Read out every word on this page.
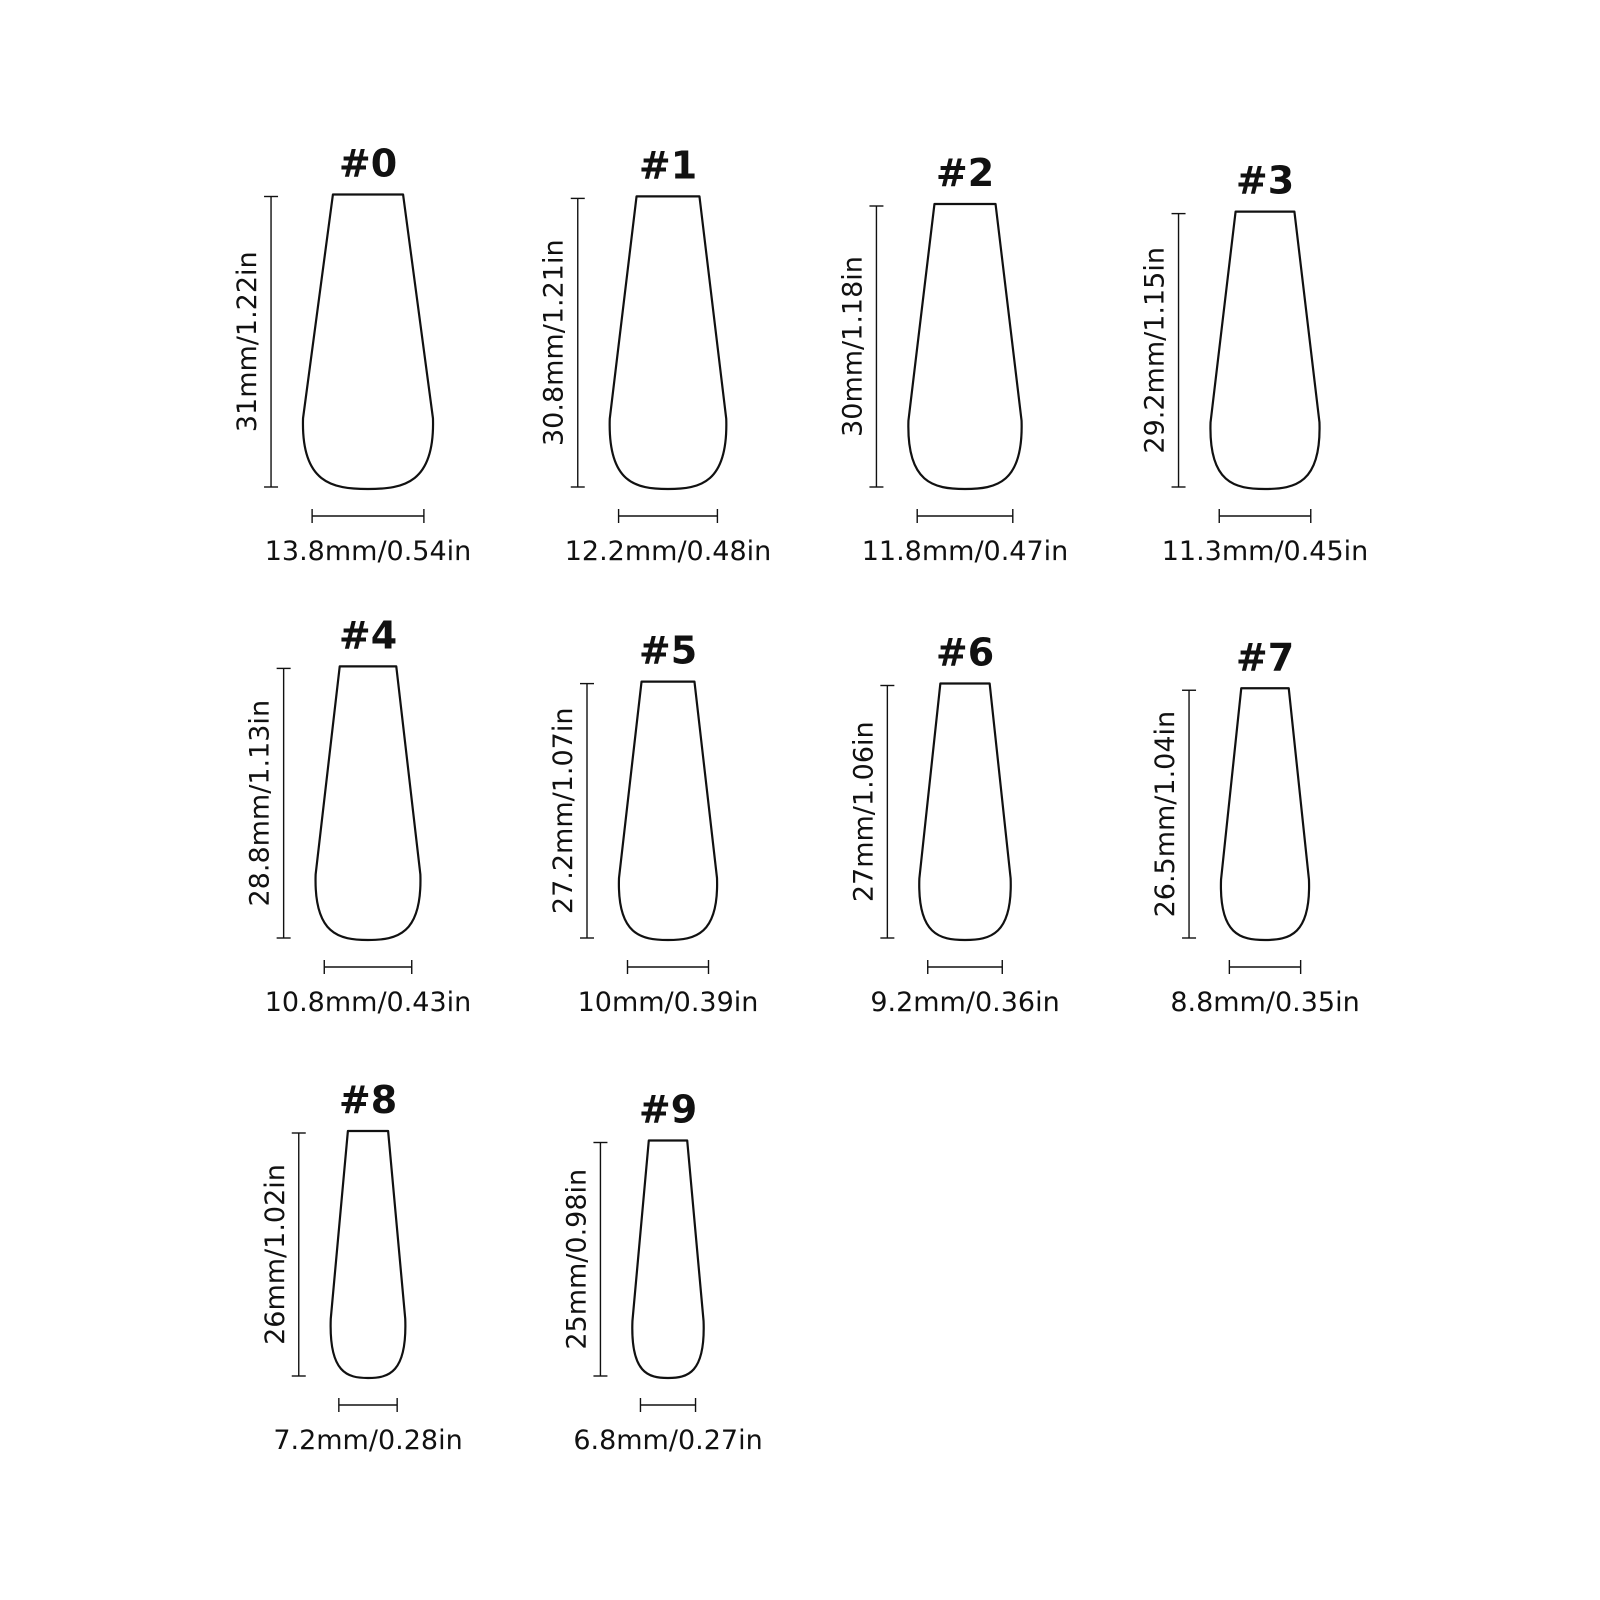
#0
31mm/1.22in
13.8mm/0.54in
#1
30.8mm/1.21in
12.2mm/0.48in
#2
30mm/1.18in
11.8mm/0.47in
#3
29.2mm/1.15in
11.3mm/0.45in
#4
28.8mm/1.13in
10.8mm/0.43in
#5
27.2mm/1.07in
10mm/0.39in
#6
27mm/1.06in
9.2mm/0.36in
#7
26.5mm/1.04in
8.8mm/0.35in
#8
26mm/1.02in
7.2mm/0.28in
#9
25mm/0.98in
6.8mm/0.27in
